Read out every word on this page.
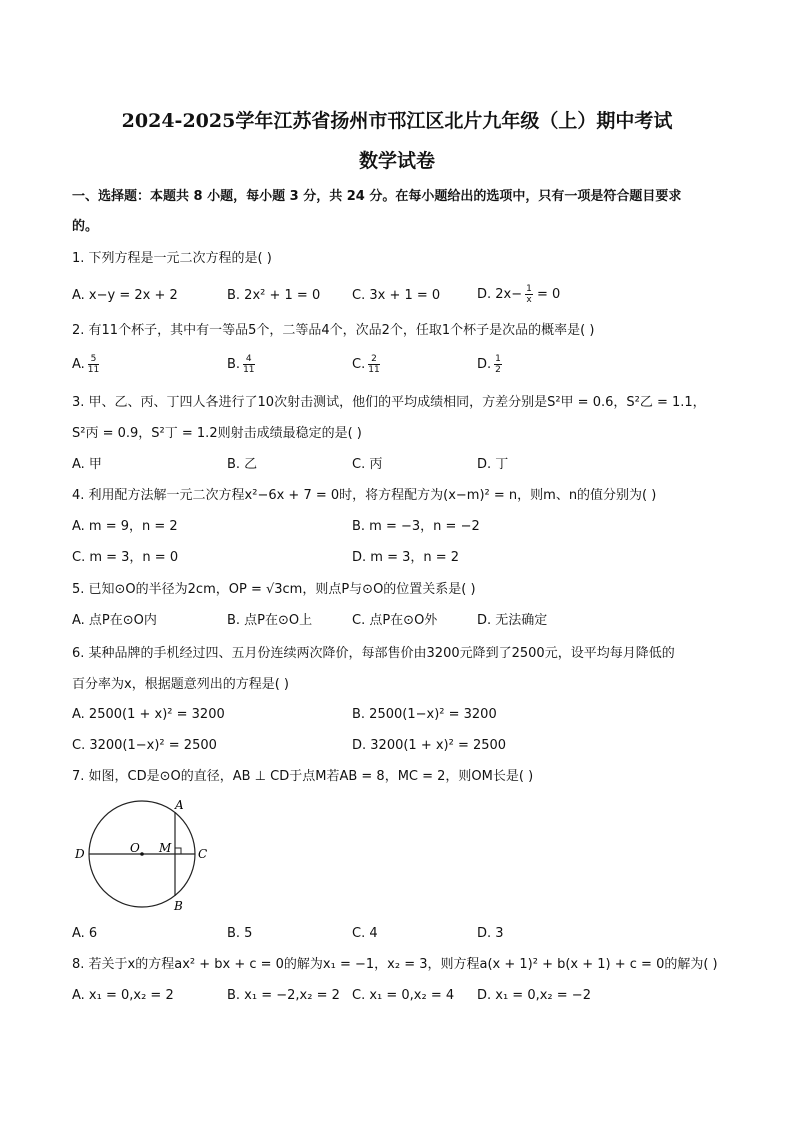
2024-2025学年江苏省扬州市邗江区北片九年级（上）期中考试
数学试卷
一、选择题：本题共 8 小题，每小题 3 分，共 24 分。在每小题给出的选项中，只有一项是符合题目要求
的。
1. 下列方程是一元二次方程的是( )
A. x−y = 2x + 2	B. 2x² + 1 = 0 C. 3x + 1 = 0	D. $2x- \frac{1}{x} = 0$
2. 有11个杯子，其中有一等品5个，二等品4个，次品2个，任取1个杯子是次品的概率是( )
A. $\frac{5}{11}$	B. $\frac{4}{11}$	C. $\frac{2}{11}$	D. $\frac{1}{2}$
3. 甲、乙、丙、丁四人各进行了10次射击测试，他们的平均成绩相同，方差分别是S²甲 = 0.6，S²乙 = 1.1，
S²丙 = 0.9，S²丁 = 1.2则射击成绩最稳定的是( )
A. 甲	B. 乙	C. 丙	D. 丁
4. 利用配方法解一元二次方程x²−6x + 7 = 0时，将方程配方为(x−m)² = n，则m、n的值分别为( )
A. m = 9，n = 2	B. m = −3，n = −2
C. m = 3，n = 0	D. m = 3，n = 2
5. 已知⊙O的半径为2cm，OP = √3cm，则点P与⊙O的位置关系是( )
A. 点P在⊙O内	B. 点P在⊙O上	C. 点P在⊙O外	D. 无法确定
6. 某种品牌的手机经过四、五月份连续两次降价，每部售价由3200元降到了2500元，设平均每月降低的
百分率为x，根据题意列出的方程是( )
A. 2500(1 + x)² = 3200	B. 2500(1−x)² = 3200
C. 3200(1−x)² = 2500	D. 3200(1 + x)² = 2500
7. 如图，CD是⊙O的直径，AB ⊥ CD于点M若AB = 8，MC = 2，则OM长是( )
A
B
C
D	O M
A. 6	B. 5	C. 4	D. 3
8. 若关于x的方程ax² + bx + c = 0的解为x₁ = −1，x₂ = 3，则方程a(x + 1)² + b(x + 1) + c = 0的解为( )
A. x₁ = 0,x₂ = 2	B. x₁ = −2,x₂ = 2 C. x₁ = 0,x₂ = 4 D. x₁ = 0,x₂ = −2
